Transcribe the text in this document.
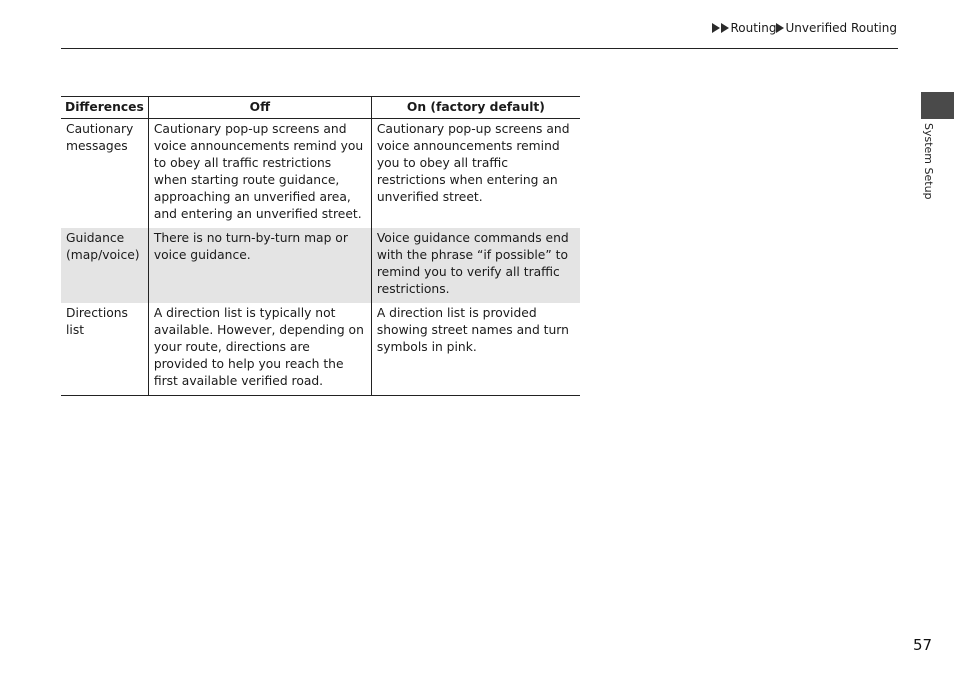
Routing Unverified Routing
Differences	Off	On (factory default)
Cautionary messages	Cautionary pop-up screens and voice announcements remind you to obey all traffic restrictions when starting route guidance, approaching an unverified area, and entering an unverified street.	Cautionary pop-up screens and voice announcements remind you to obey all traffic restrictions when entering an unverified street.
Guidance (map/voice)	There is no turn-by-turn map or voice guidance.	Voice guidance commands end with the phrase “if possible” to remind you to verify all traffic restrictions.
Directions list	A direction list is typically not available. However, depending on your route, directions are provided to help you reach the first available verified road.	A direction list is provided showing street names and turn symbols in pink.
System Setup
57
